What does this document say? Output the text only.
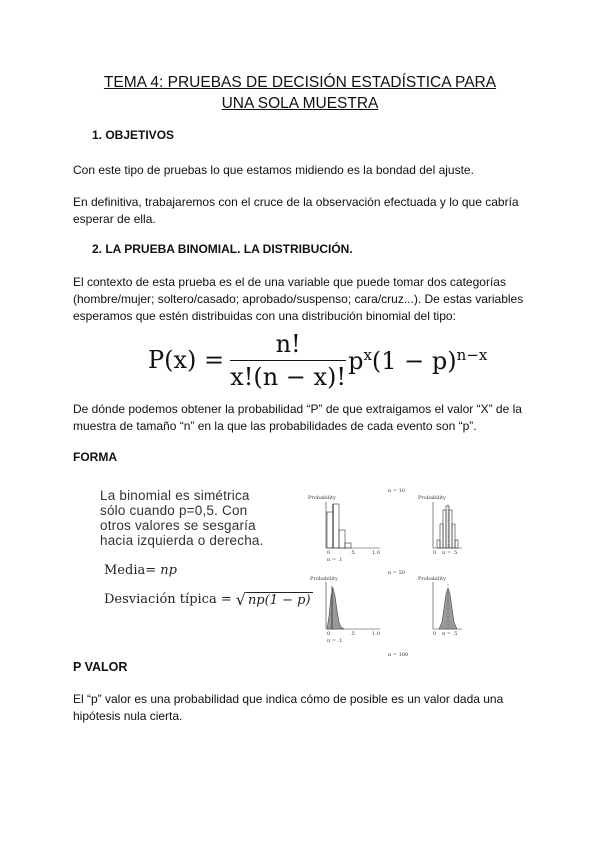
TEMA 4: PRUEBAS DE DECISIÓN ESTADÍSTICA PARA
UNA SOLA MUESTRA
1. OBJETIVOS
Con este tipo de pruebas lo que estamos midiendo es la bondad del ajuste.
En definitiva, trabajaremos con el cruce de la observación efectuada y lo que cabría
esperar de ella.
2. LA PRUEBA BINOMIAL. LA DISTRIBUCIÓN.
El contexto de esta prueba es el de una variable que puede tomar dos categorías
(hombre/mujer; soltero/casado; aprobado/suspenso; cara/cruz...). De estas variables
esperamos que estén distribuidas con una distribución binomial del tipo:
$P(x) = \frac{n!}{x!(n - x)!} p^x(1 - p)^{n-x}$
De dónde podemos obtener la probabilidad “P” de que extraigamos el valor “X” de la
muestra de tamaño “n” en la que las probabilidades de cada evento son “p”.
FORMA
La binomial es simétrica
sólo cuando p=0,5. Con
otros valores se sesgaría
hacia izquierda o derecha.
Media= np
Desviación típica = √ np(1 − p)
n = 10
n = 50
n = 100
Probability
0	.5	1.0
π = .1
Probability
0 π = .5
Probability
0	.5	1.0
π = .1
Probability
0 π = .5
P VALOR
El “p” valor es una probabilidad que indica cómo de posible es un valor dada una
hipótesis nula cierta.
